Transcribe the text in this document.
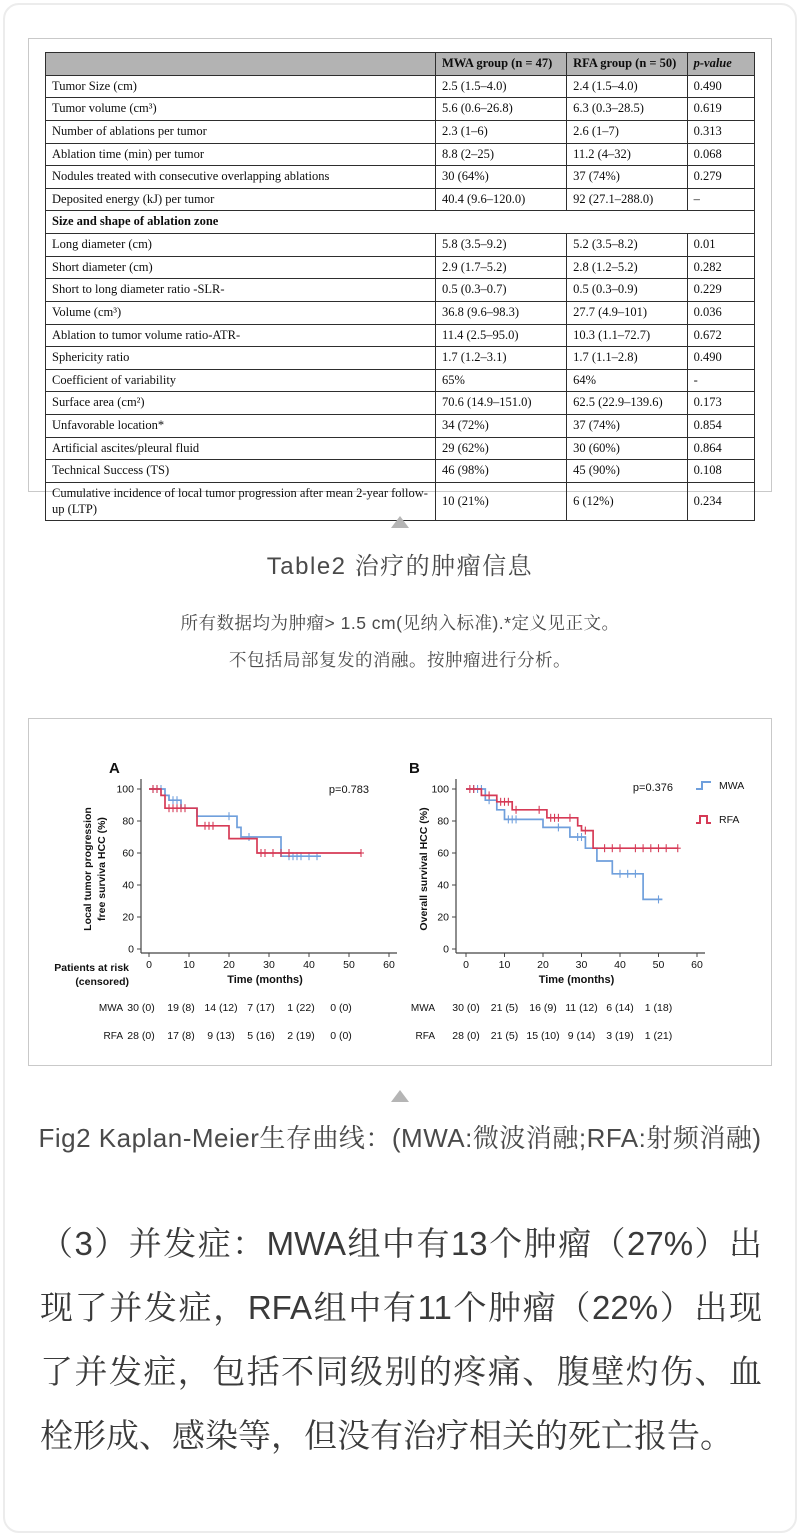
	MWA group (n = 47)	RFA group (n = 50)	p-value
Tumor Size (cm)	2.5 (1.5–4.0)	2.4 (1.5–4.0)	0.490
Tumor volume (cm³)	5.6 (0.6–26.8)	6.3 (0.3–28.5)	0.619
Number of ablations per tumor	2.3 (1–6)	2.6 (1–7)	0.313
Ablation time (min) per tumor	8.8 (2–25)	11.2 (4–32)	0.068
Nodules treated with consecutive overlapping ablations	30 (64%)	37 (74%)	0.279
Deposited energy (kJ) per tumor	40.4 (9.6–120.0)	92 (27.1–288.0)	–
Size and shape of ablation zone			
Long diameter (cm)	5.8 (3.5–9.2)	5.2 (3.5–8.2)	0.01
Short diameter (cm)	2.9 (1.7–5.2)	2.8 (1.2–5.2)	0.282
Short to long diameter ratio -SLR-	0.5 (0.3–0.7)	0.5 (0.3–0.9)	0.229
Volume (cm³)	36.8 (9.6–98.3)	27.7 (4.9–101)	0.036
Ablation to tumor volume ratio-ATR-	11.4 (2.5–95.0)	10.3 (1.1–72.7)	0.672
Sphericity ratio	1.7 (1.2–3.1)	1.7 (1.1–2.8)	0.490
Coefficient of variability	65%	64%	-
Surface area (cm²)	70.6 (14.9–151.0)	62.5 (22.9–139.6)	0.173
Unfavorable location*	34 (72%)	37 (74%)	0.854
Artificial ascites/pleural fluid	29 (62%)	30 (60%)	0.864
Technical Success (TS)	46 (98%)	45 (90%)	0.108
Cumulative incidence of local tumor progression after mean 2-year follow-up (LTP)	10 (21%)	6 (12%)	0.234
Table2 治疗的肿瘤信息

所有数据均为肿瘤> 1.5 cm(见纳入标准).*定义见正文。

不包括局部复发的消融。按肿瘤进行分析。

A
0
20
40
60
80
100
0	10	20	30	40	50	60
Time (months)
Local tumor progression free surviva HCC (%)
p=0.783
Patients at risk
(censored)
MWA 30 (0) 19 (8) 14 (12) 7 (17) 1 (22) 0 (0)
RFA 28 (0) 17 (8) 9 (13) 5 (16) 2 (19) 0 (0)
B
0
20
40
60
80
100
0	10	20	30	40	50	60
Time (months)
Overall survival HCC (%)
p=0.376	MWA
RFA
MWA 30 (0) 21 (5) 16 (9) 11 (12) 6 (14) 1 (18)
RFA 28 (0) 21 (5) 15 (10) 9 (14) 3 (19) 1 (21)
Fig2 Kaplan-Meier生存曲线：(MWA:微波消融;RFA:射频消融)

（3）并发症：MWA组中有13个肿瘤（27%）出现了并发症，RFA组中有11个肿瘤（22%）出现了并发症，包括不同级别的疼痛、腹壁灼伤、血栓形成、感染等，但没有治疗相关的死亡报告。
